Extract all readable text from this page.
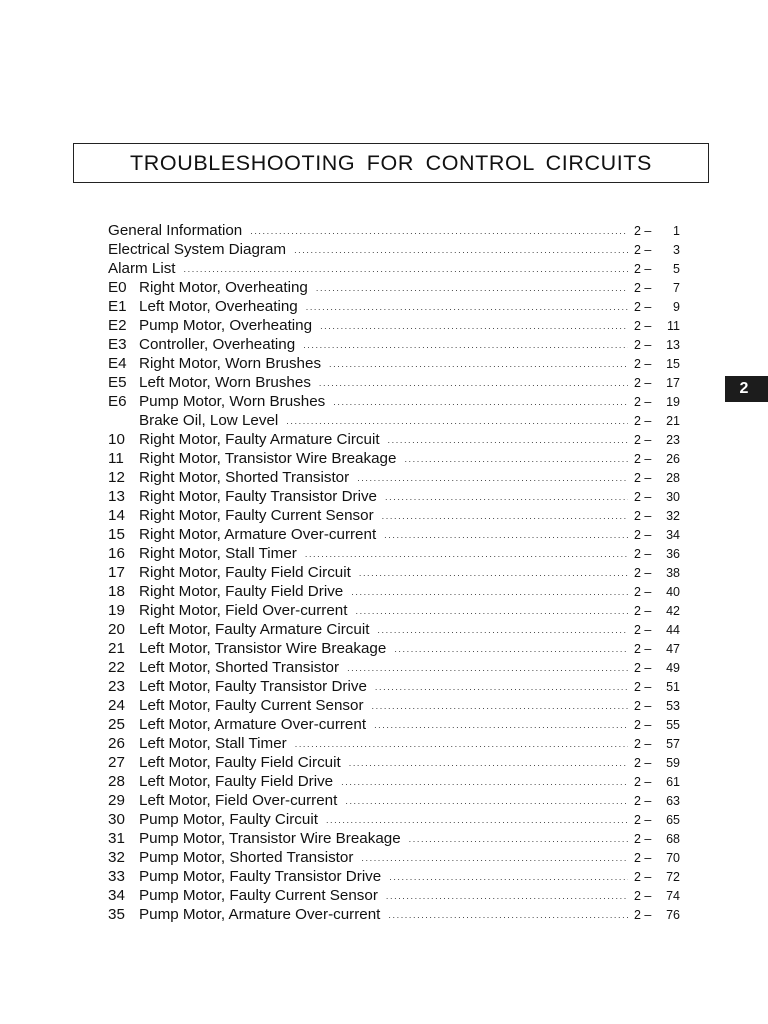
TROUBLESHOOTING FOR CONTROL CIRCUITS
2
General Information .....	2 –	1
Electrical System Diagram .....	2 –	3
Alarm List .....	2 –	5
E0 Right Motor, Overheating .....	2 –	7
E1 Left Motor, Overheating .....	2 –	9
E2 Pump Motor, Overheating .....	2 – 11
E3 Controller, Overheating .....	2 – 13
E4 Right Motor, Worn Brushes .....	2 – 15
E5 Left Motor, Worn Brushes .....	2 – 17
E6 Pump Motor, Worn Brushes .....	2 – 19
Brake Oil, Low Level .....	2 – 21
10 Right Motor, Faulty Armature Circuit .....	2 – 23
11	Right Motor, Transistor Wire Breakage .....	2 – 26
12 Right Motor, Shorted Transistor .....	2 – 28
13 Right Motor, Faulty Transistor Drive .....	2 – 30
14 Right Motor, Faulty Current Sensor .....	2 – 32
15 Right Motor, Armature Over-current .....	2 – 34
16 Right Motor, Stall Timer .....	2 – 36
17 Right Motor, Faulty Field Circuit .....	2 – 38
18 Right Motor, Faulty Field Drive .....	2 – 40
19 Right Motor, Field Over-current .....	2 – 42
20 Left Motor, Faulty Armature Circuit .....	2 – 44
21 Left Motor, Transistor Wire Breakage .....	2 – 47
22 Left Motor, Shorted Transistor .....	2 – 49
23 Left Motor, Faulty Transistor Drive .....	2 – 51
24 Left Motor, Faulty Current Sensor .....	2 – 53
25 Left Motor, Armature Over-current .....	2 – 55
26 Left Motor, Stall Timer .....	2 – 57
27 Left Motor, Faulty Field Circuit .....	2 – 59
28 Left Motor, Faulty Field Drive .....	2 – 61
29 Left Motor, Field Over-current .....	2 – 63
30 Pump Motor, Faulty Circuit .....	2 – 65
31 Pump Motor, Transistor Wire Breakage .....	2 – 68
32 Pump Motor, Shorted Transistor .....	2 – 70
33 Pump Motor, Faulty Transistor Drive .....	2 – 72
34 Pump Motor, Faulty Current Sensor .....	2 – 74
35 Pump Motor, Armature Over-current .....	2 – 76
